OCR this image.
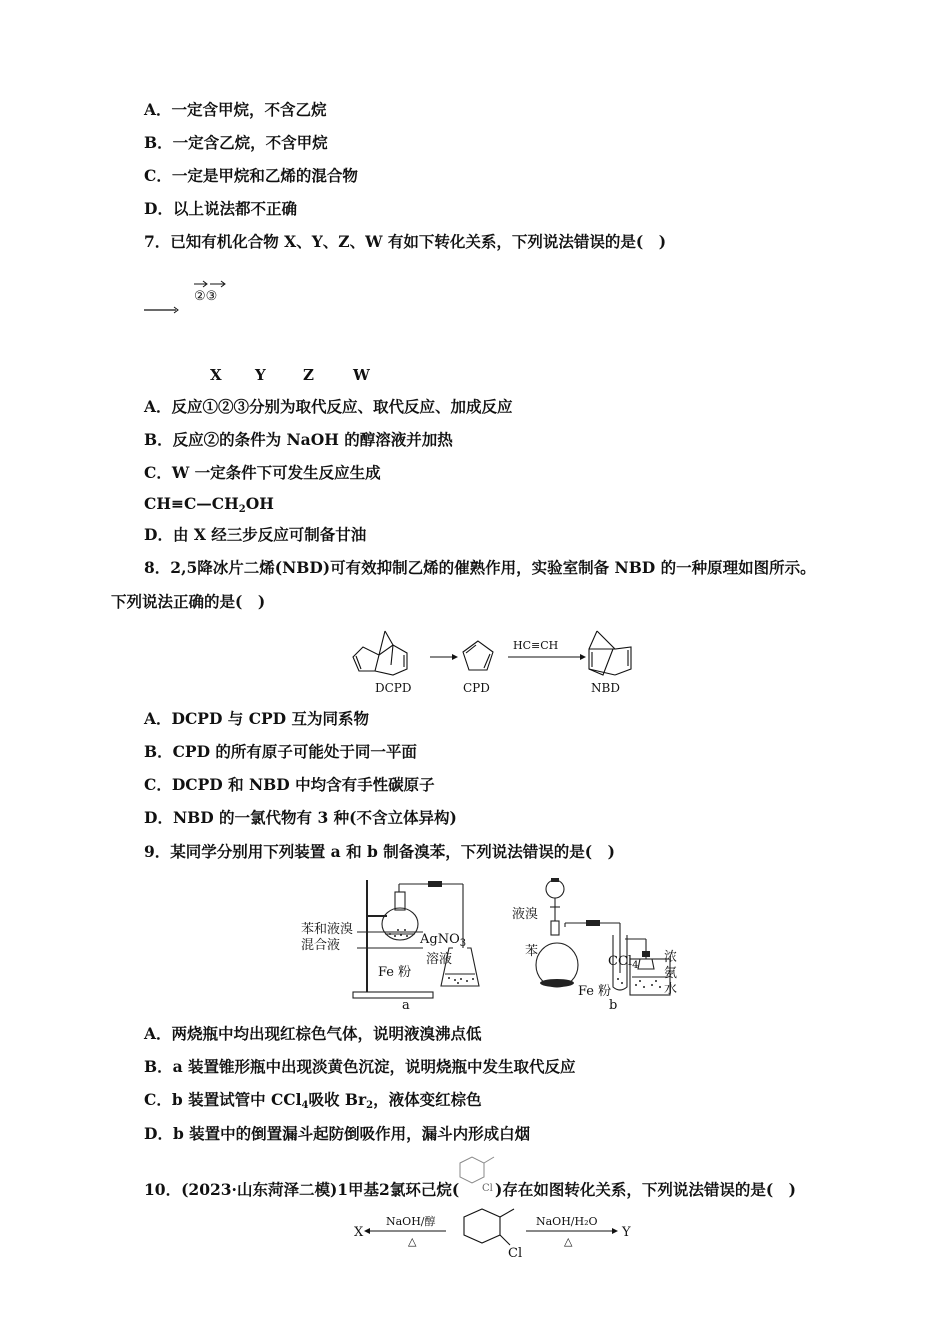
A．一定含甲烷，不含乙烷
B．一定含乙烷，不含甲烷
C．一定是甲烷和乙烯的混合物
D．以上说法都不正确
7．已知有机化合物 X、Y、Z、W 有如下转化关系，下列说法错误的是(　)
②③
X Y Z	W
A．反应①②③分别为取代反应、取代反应、加成反应
B．反应②的条件为 NaOH 的醇溶液并加热
C．W 一定条件下可发生反应生成
$CH\equiv C—CH_2OH$
D．由 X 经三步反应可制备甘油
8．2,5降冰片二烯(NBD)可有效抑制乙烯的催熟作用，实验室制备 NBD 的一种原理如图所示。
下列说法正确的是(　)
HC≡CH
DCPD	CPD	NBD
A．DCPD 与 CPD 互为同系物
B．CPD 的所有原子可能处于同一平面
C．DCPD 和 NBD 中均含有手性碳原子
D．NBD 的一氯代物有 3 种(不含立体异构)
9．某同学分别用下列装置 a 和 b 制备溴苯，下列说法错误的是(　)
苯和液溴
混合液
Fe 粉
AgNO$_3$
溶液
a
液溴
苯
CCl$_4$
Fe 粉
浓
氨
水
b
A．两烧瓶中均出现红棕色气体，说明液溴沸点低
B．a 装置锥形瓶中出现淡黄色沉淀，说明烧瓶中发生取代反应
C．b 装置试管中 CCl$_4$吸收 $Br_2$，液体变红棕色
D．b 装置中的倒置漏斗起防倒吸作用，漏斗内形成白烟
10．(2023·山东菏泽二模)1甲基2氯环己烷( Cl )存在如图转化关系，下列说法错误的是(　)
X
NaOH/醇
△
Cl
NaOH/H₂O
△
Y
